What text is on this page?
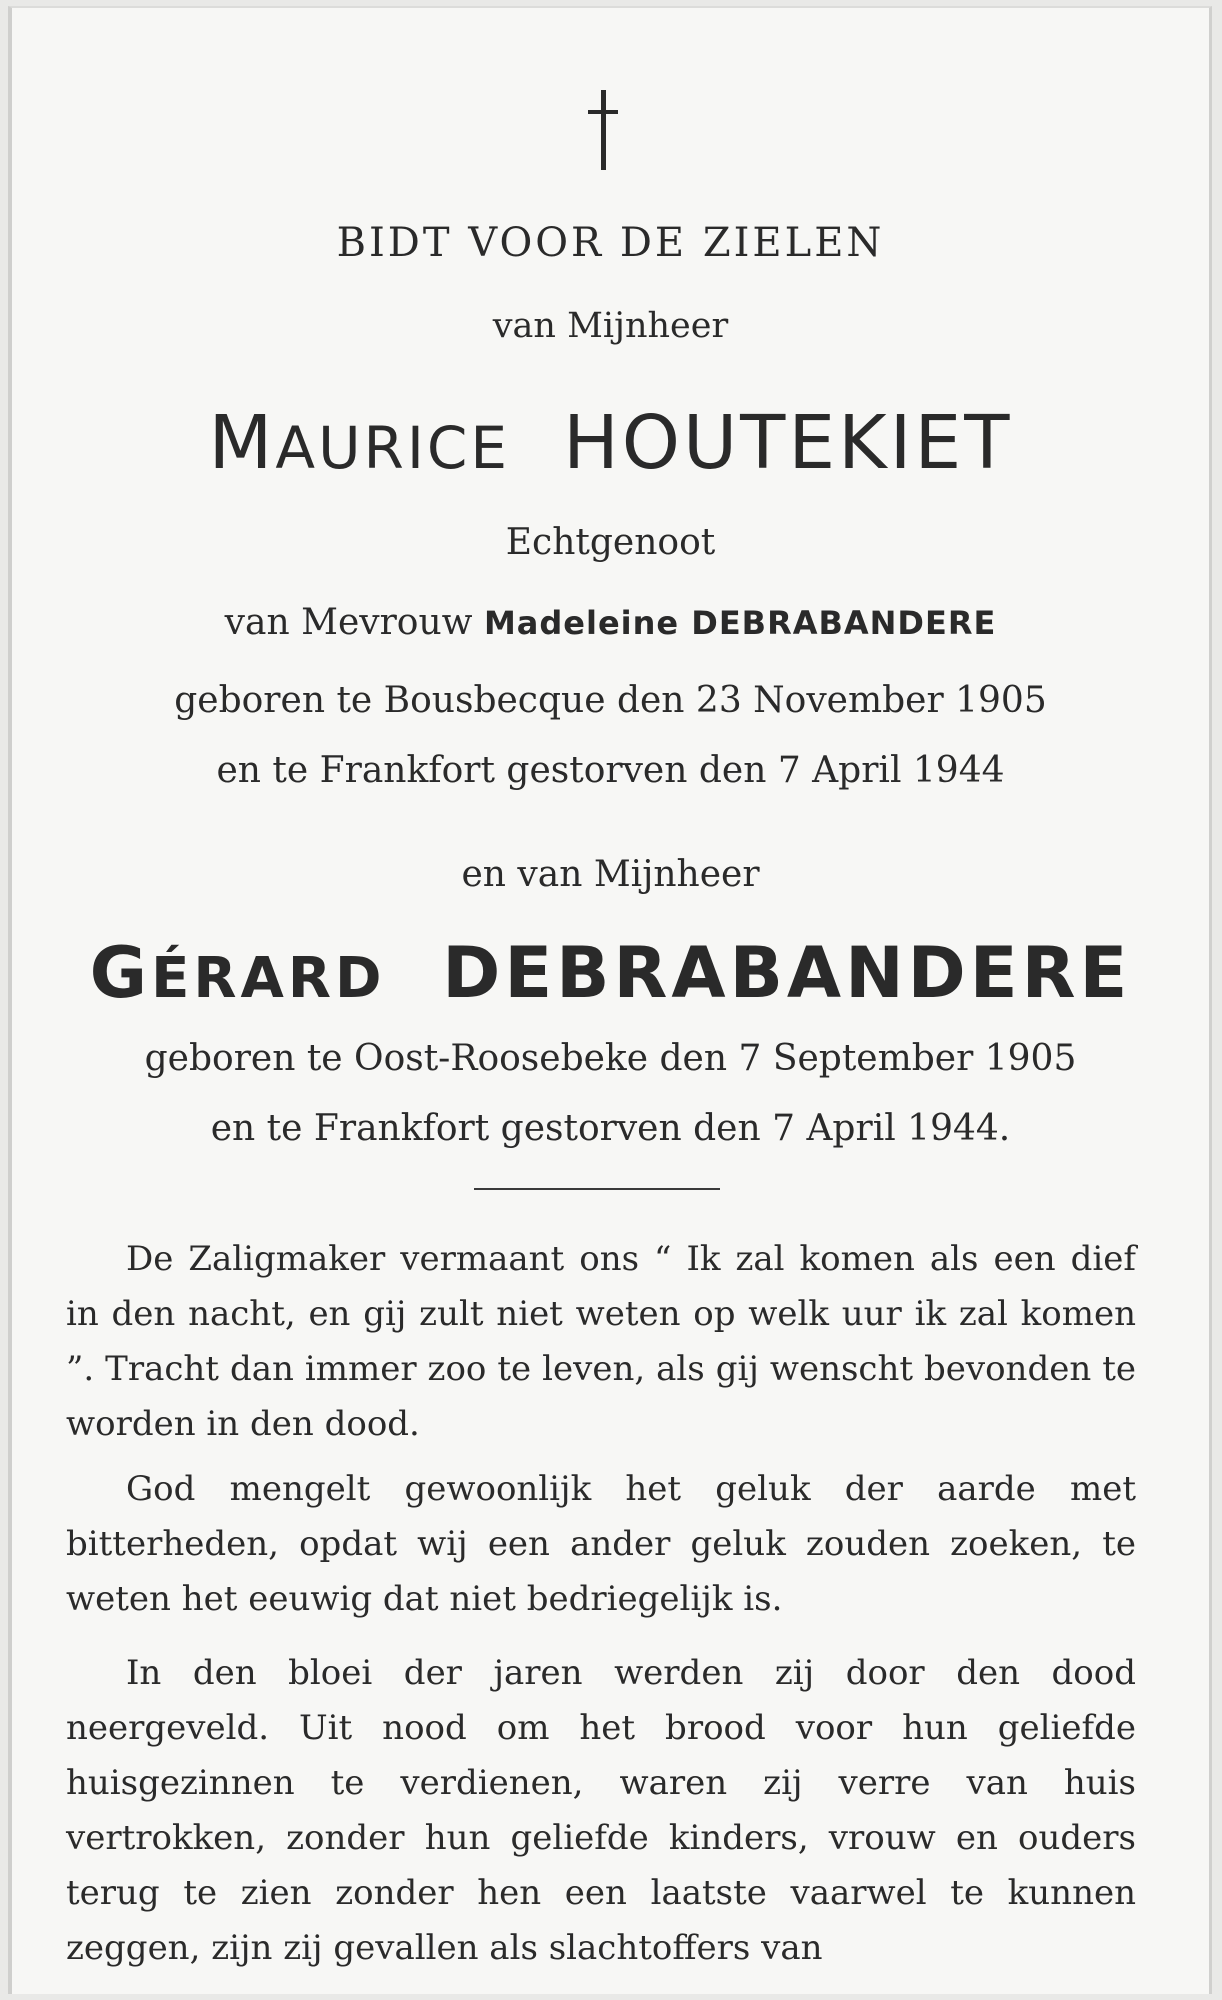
BIDT VOOR DE ZIELEN
van Mijnheer
MAURICE HOUTEKIET
Echtgenoot
van Mevrouw Madeleine DEBRABANDERE
geboren te Bousbecque den 23 November 1905
en te Frankfort gestorven den 7 April 1944
en van Mijnheer
GÉRARD DEBRABANDERE
geboren te Oost-Roosebeke den 7 September 1905
en te Frankfort gestorven den 7 April 1944.

De Zaligmaker vermaant ons “ Ik zal komen als een dief in den nacht, en gij zult niet weten op welk uur ik zal komen ”. Tracht dan immer zoo te leven, als gij wenscht bevonden te worden in den dood.

God mengelt gewoonlijk het geluk der aarde met bitterheden, opdat wij een ander geluk zouden zoeken, te weten het eeuwig dat niet bedriegelijk is.

In den bloei der jaren werden zij door den dood neergeveld. Uit nood om het brood voor hun geliefde huisgezinnen te verdienen, waren zij verre van huis vertrokken, zonder hun geliefde kinders, vrouw en ouders terug te zien zonder hen een laatste vaarwel te kunnen zeggen, zijn zij gevallen als slachtoffers van
